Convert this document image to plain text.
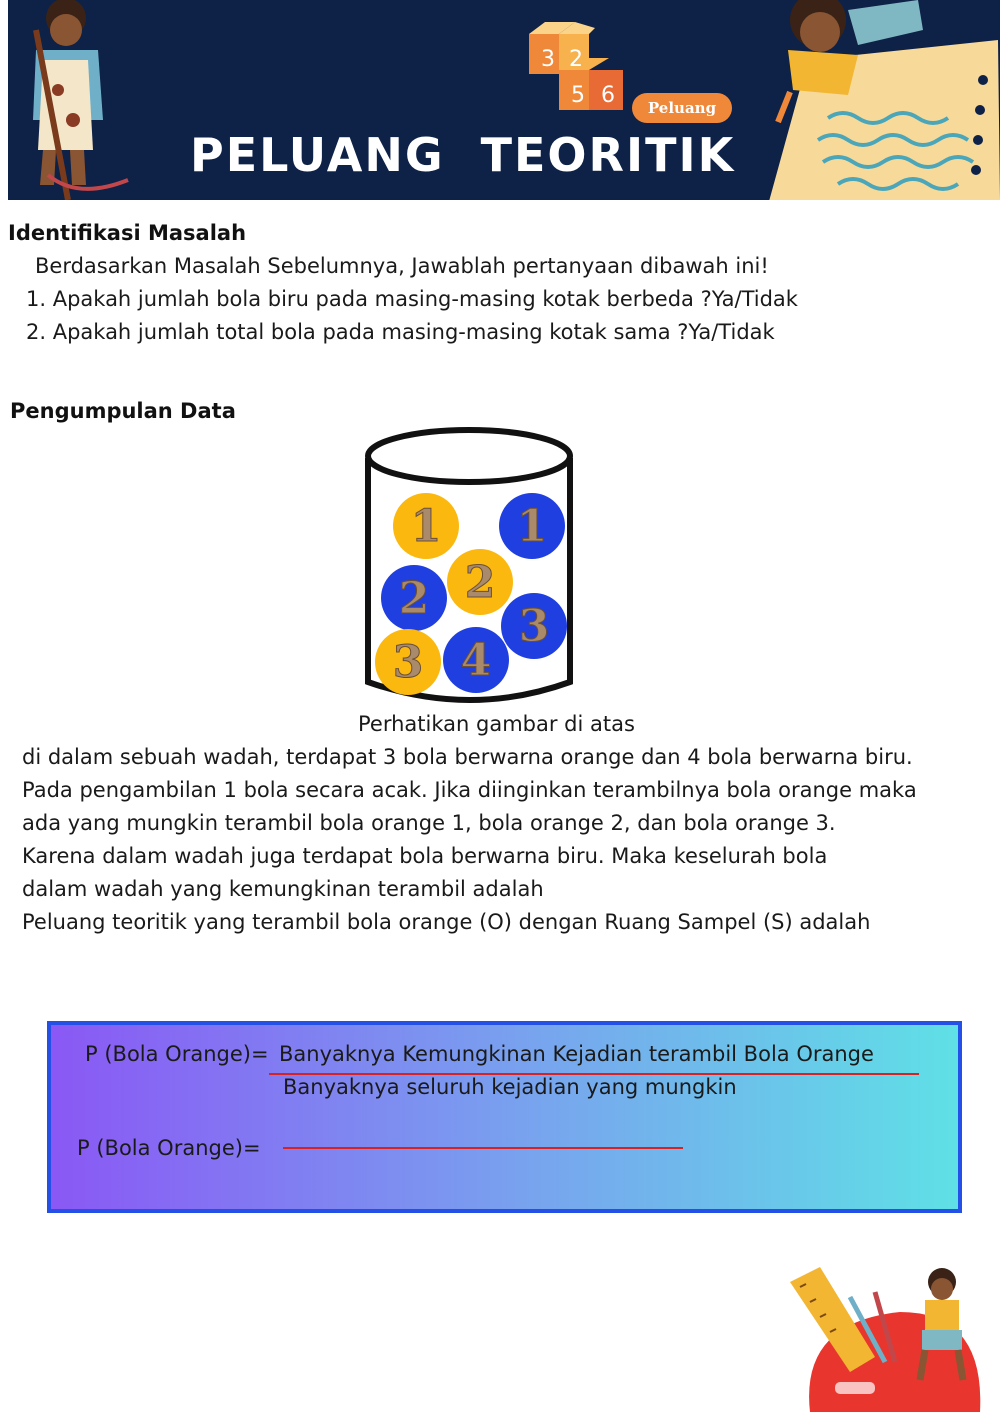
3 2
5 6	Peluang
PELUANG  TEORITIK
Identifikasi Masalah
Berdasarkan Masalah Sebelumnya, Jawablah pertanyaan dibawah ini!
1. Apakah jumlah bola biru pada masing-masing kotak berbeda ?Ya/Tidak
2. Apakah jumlah total bola pada masing-masing kotak sama ?Ya/Tidak
Pengumpulan Data
1 1
2 2
3
3 4
Perhatikan gambar di atas

di dalam sebuah wadah, terdapat 3 bola berwarna orange dan 4 bola berwarna biru.

Pada pengambilan 1 bola secara acak. Jika diinginkan terambilnya bola orange maka

ada yang mungkin terambil bola orange 1, bola orange 2, dan bola orange 3.

Karena dalam wadah juga terdapat bola berwarna biru. Maka keselurah bola

dalam wadah yang kemungkinan terambil adalah

Peluang teoritik yang terambil bola orange (O) dengan Ruang Sampel (S) adalah

P (Bola Orange)= Banyaknya Kemungkinan Kejadian terambil Bola Orange
Banyaknya seluruh kejadian yang mungkin
P (Bola Orange)=
